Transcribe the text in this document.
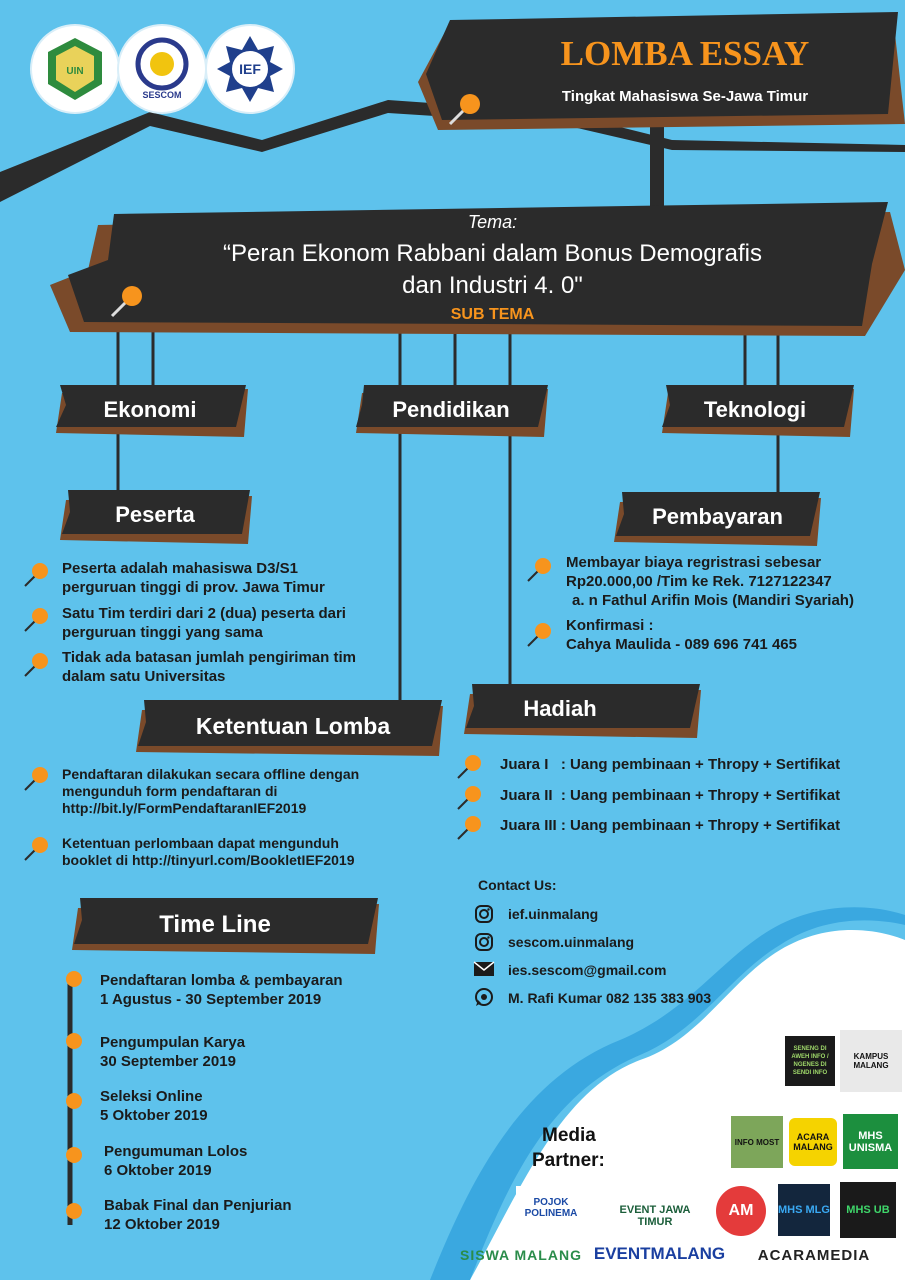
UIN
SESCOM
IEF	LOMBA ESSAY
Tingkat Mahasiswa Se-Jawa Timur
Tema:
“Peran Ekonom Rabbani dalam Bonus Demografis
dan Industri 4. 0"
SUB TEMA
Ekonomi	Pendidikan	Teknologi
Peserta
Peserta adalah mahasiswa D3/S1
perguruan tinggi di prov. Jawa Timur
Satu Tim terdiri dari 2 (dua) peserta dari
perguruan tinggi yang sama
Tidak ada batasan jumlah pengiriman tim
dalam satu Universitas
Pembayaran
Membayar biaya regristrasi sebesar
Rp20.000,00 /Tim ke Rek. 7127122347
a. n Fathul Arifin Mois (Mandiri Syariah)
Konfirmasi :
Cahya Maulida - 089 696 741 465
Hadiah
Juara I   : Uang pembinaan + Thropy + Sertifikat
Juara II  : Uang pembinaan + Thropy + Sertifikat
Juara III : Uang pembinaan + Thropy + Sertifikat
Ketentuan Lomba
Pendaftaran dilakukan secara offline dengan
mengunduh form pendaftaran di
http://bit.ly/FormPendaftaranIEF2019
Ketentuan perlombaan dapat mengunduh
booklet di http://tinyurl.com/BookletIEF2019
Time Line
Pendaftaran lomba & pembayaran
1 Agustus - 30 September 2019
Pengumpulan Karya
30 September 2019
Seleksi Online
5 Oktober 2019
Pengumuman Lolos
6 Oktober 2019
Babak Final dan Penjurian
12 Oktober 2019
Contact Us:
ief.uinmalang
sescom.uinmalang
ies.sescom@gmail.com
M. Rafi Kumar 082 135 383 903
Media
Partner:
SENENG DI AWEH INFO / NGENES DI SENDI INFO
KAMPUS MALANG
INFO MOST	ACARA MALANG
MHS UNISMA
POJOK POLINEMA	EVENT JAWA TIMUR
AM	MHS MLG	MHS UB
SISWA MALANG EVENTMALANG	ACARAMEDIA
